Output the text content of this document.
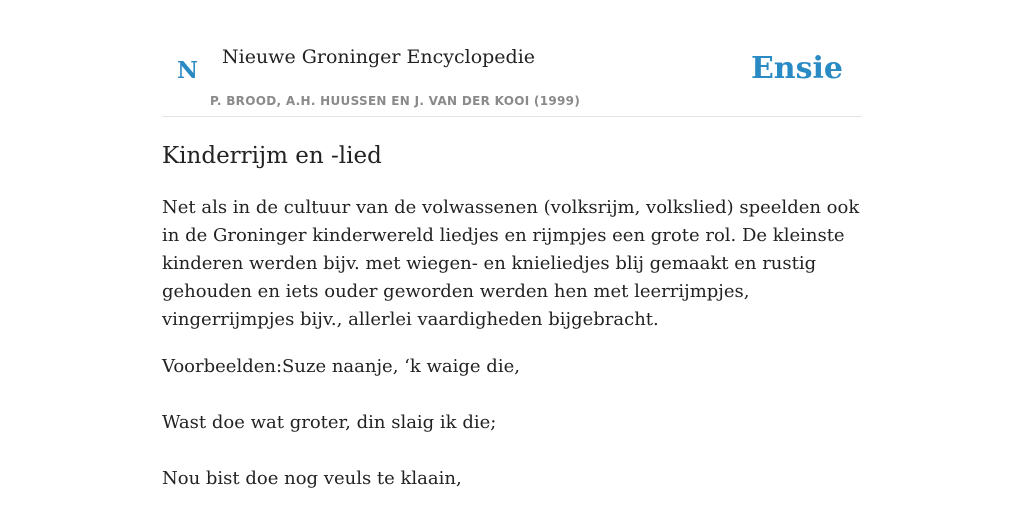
N Nieuwe Groninger Encyclopedie
P. BROOD, A.H. HUUSSEN EN J. VAN DER KOOI (1999)
Ensie
Kinderrijm en -lied

Net als in de cultuur van de volwassenen (volksrijm, volkslied) speelden ook in de Groninger kinderwereld liedjes en rijmpjes een grote rol. De kleinste kinderen werden bijv. met wiegen- en knieliedjes blij gemaakt en rustig gehouden en iets ouder geworden werden hen met leerrijmpjes, vingerrijmpjes bijv., allerlei vaardigheden bijgebracht.

Voorbeelden:Suze naanje, ‘k waige die,

Wast doe wat groter, din slaig ik die;

Nou bist doe nog veuls te klaain,
